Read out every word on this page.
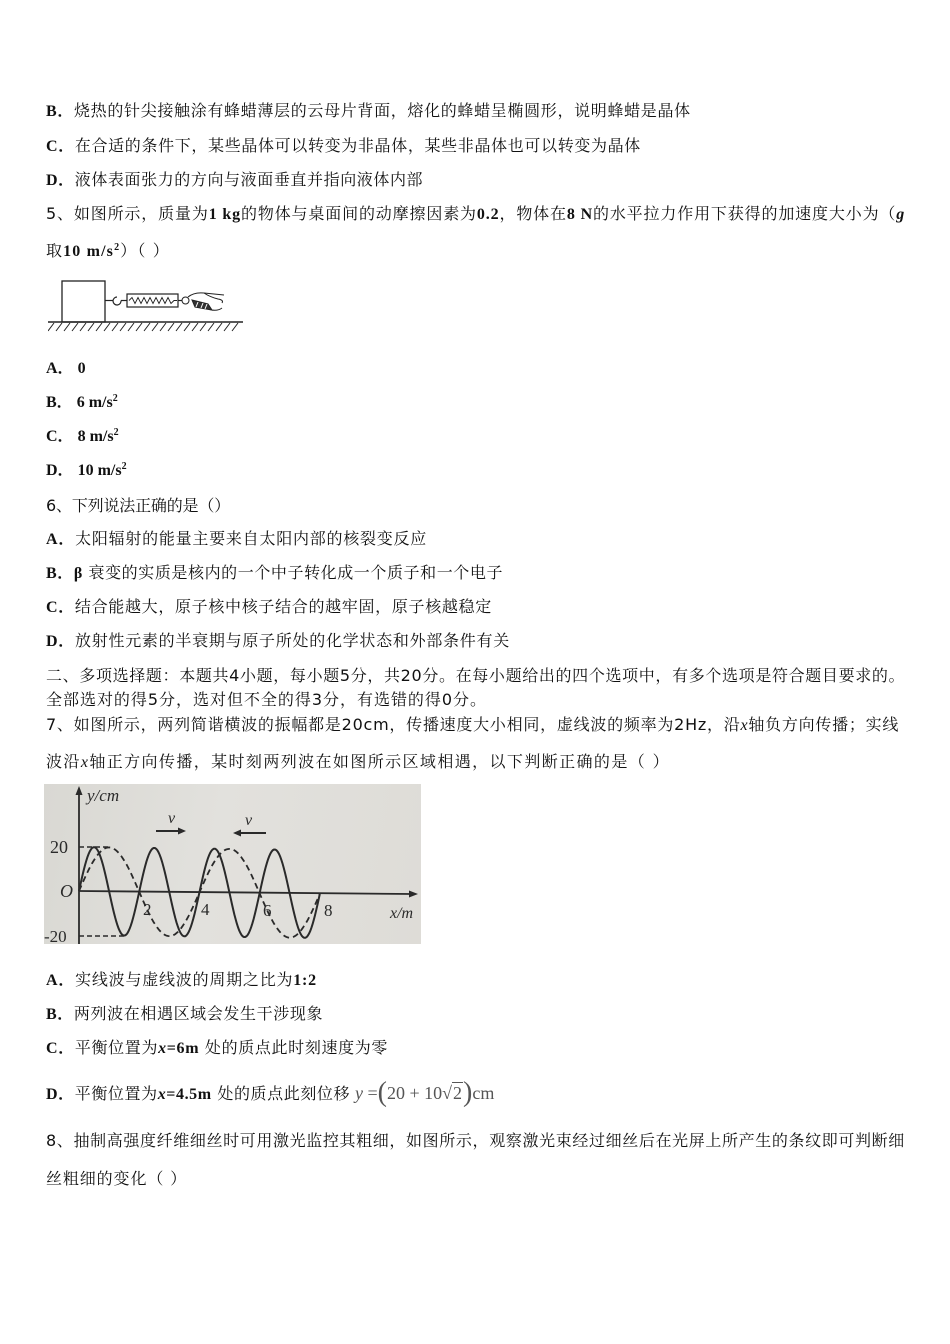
B．烧热的针尖接触涂有蜂蜡薄层的云母片背面，熔化的蜂蜡呈椭圆形，说明蜂蜡是晶体
C．在合适的条件下，某些晶体可以转变为非晶体，某些非晶体也可以转变为晶体
D．液体表面张力的方向与液面垂直并指向液体内部
5、如图所示，质量为1 kg的物体与桌面间的动摩擦因素为0.2，物体在8 N的水平拉力作用下获得的加速度大小为（g
取10 $m/s^2$）（ ）
A． 0
B． 6 $m/s^2$
C． 8 $m/s^2$
D． 10 $m/s^2$
6、下列说法正确的是（）
A．太阳辐射的能量主要来自太阳内部的核裂变反应
B．β 衰变的实质是核内的一个中子转化成一个质子和一个电子
C．结合能越大，原子核中核子结合的越牢固，原子核越稳定
D．放射性元素的半衰期与原子所处的化学状态和外部条件有关
二、多项选择题：本题共4小题，每小题5分，共20分。在每小题给出的四个选项中，有多个选项是符合题目要求的。
全部选对的得5分，选对但不全的得3分，有选错的得0分。
7、如图所示，两列简谐横波的振幅都是20cm，传播速度大小相同，虚线波的频率为2Hz，沿x轴负方向传播；实线
波沿x轴正方向传播，某时刻两列波在如图所示区域相遇，以下判断正确的是（ ）
v	v
y/cm
20
O
-20
2	4	6	8	x/m
A．实线波与虚线波的周期之比为1:2
B．两列波在相遇区域会发生干涉现象
C．平衡位置为x=6m 处的质点此时刻速度为零
D．平衡位置为x=4.5m 处的质点此刻位移 y =(20 + 10√2)cm
8、抽制高强度纤维细丝时可用激光监控其粗细，如图所示，观察激光束经过细丝后在光屏上所产生的条纹即可判断细
丝粗细的变化（ ）
